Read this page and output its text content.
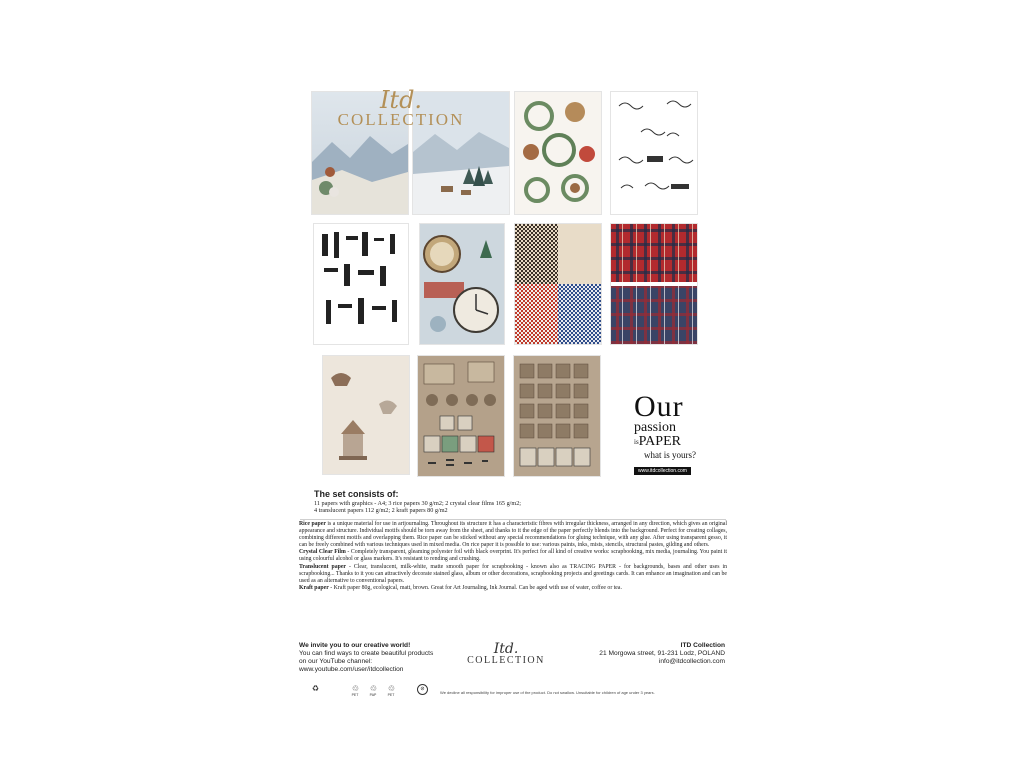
Itd.
COLLECTION
Our
passion
$^{is}$PAPER
what is yours?
www.itdcollection.com
The set consists of:

11 papers with graphics - A4; 3 rice papers 30 g/m2; 2 crystal clear films 165 g/m2;

4 translucent papers 112 g/m2; 2 kraft papers 80 g/m2

Rice paper is a unique material for use in artjournaling. Throughout its structure it has a characteristic fibres with irregular thickness, arranged in any direction, which gives an original appearance and structure. Individual motifs should be torn away from the sheet, and thanks to it the edge of the paper perfectly blends into the background. Perfect for creating collages, combining different motifs and overlapping them. Rice paper can be sticked without any special recommendations for gluing technique, with any glue. After using transparent gesso, it can be freely combined with various techniques used in mixed media. On rice paper it is possible to use: various paints, inks, mists, stencils, structural pastes, gilding and others.

Crystal Clear Film - Completely transparent, gleaming polyester foil with black overprint. It's perfect for all kind of creative works: scrapbooking, mix media, journaling. You paint it using colourful alcohol or glass markers. It's resistant to rending and crushing.

Translucent paper - Clear, translucent, milk-white, matte smooth paper for scrapbooking - known also as TRACING PAPER - for backgrounds, bases and other uses in scrapbooking... Thanks to it you can attractively decorate stained glass, album or other decorations, scrapbooking projects and greetings cards. It can enhance an imagination and can be used as an alternative to conventional papers.

Kraft paper - Kraft paper 80g, ecological, matt, brown. Great for Art Journaling, Ink Journal. Can be aged with use of water, coffee or tea.

We invite you to our creative world!
You can find ways to create beautiful products
on our YouTube channel:
www.youtube.com/user/itdcollection
Itd.
COLLECTION
ITD Collection
21 Morgowa street, 91-231 Lodz, POLAND
info@itdcollection.com
♻	♲
PET
♲
PAP
♲
PET
⊘
We decline all responsibility for improper use of the product. Do not swallow. Unsuitable for children of age under 3 years.
